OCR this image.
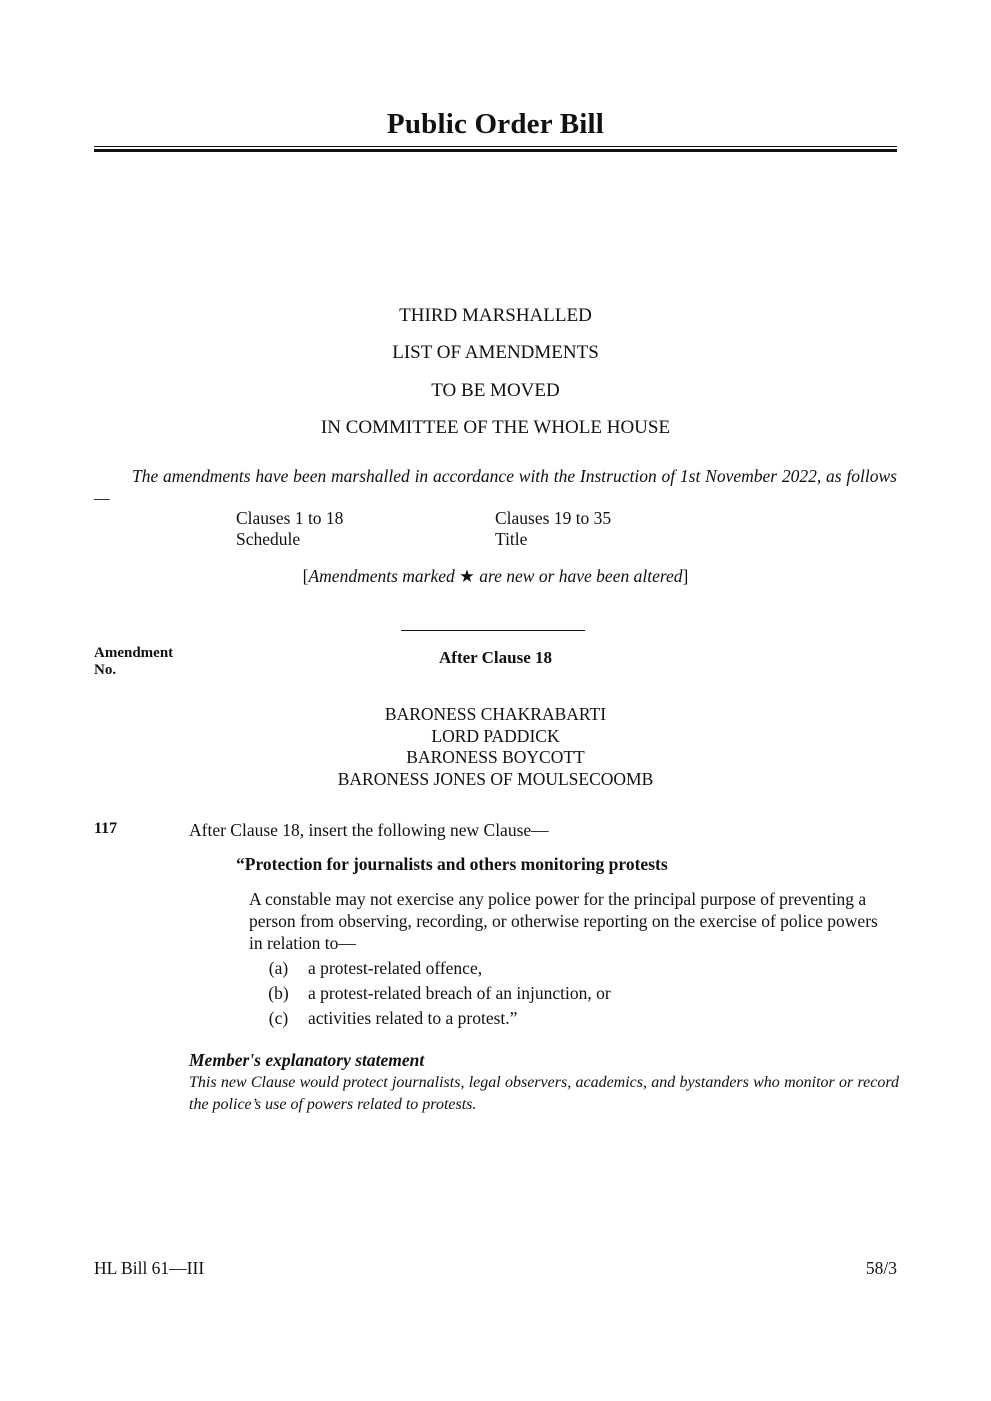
Public Order Bill
THIRD MARSHALLED
LIST OF AMENDMENTS
TO BE MOVED
IN COMMITTEE OF THE WHOLE HOUSE
The amendments have been marshalled in accordance with the Instruction of 1st November 2022, as follows—
Clauses 1 to 18	Clauses 19 to 35
Schedule	Title
[Amendments marked ★ are new or have been altered]
Amendment
No.
After Clause 18
BARONESS CHAKRABARTI
LORD PADDICK
BARONESS BOYCOTT
BARONESS JONES OF MOULSECOOMB
117	After Clause 18, insert the following new Clause—
“Protection for journalists and others monitoring protests
A constable may not exercise any police power for the principal purpose of preventing a person from observing, recording, or otherwise reporting on the exercise of police powers in relation to—
(a)	a protest-related offence,
(b)	a protest-related breach of an injunction, or
(c)	activities related to a protest.”
Member's explanatory statement
This new Clause would protect journalists, legal observers, academics, and bystanders who monitor or record the police’s use of powers related to protests.
HL Bill 61—III	58/3
